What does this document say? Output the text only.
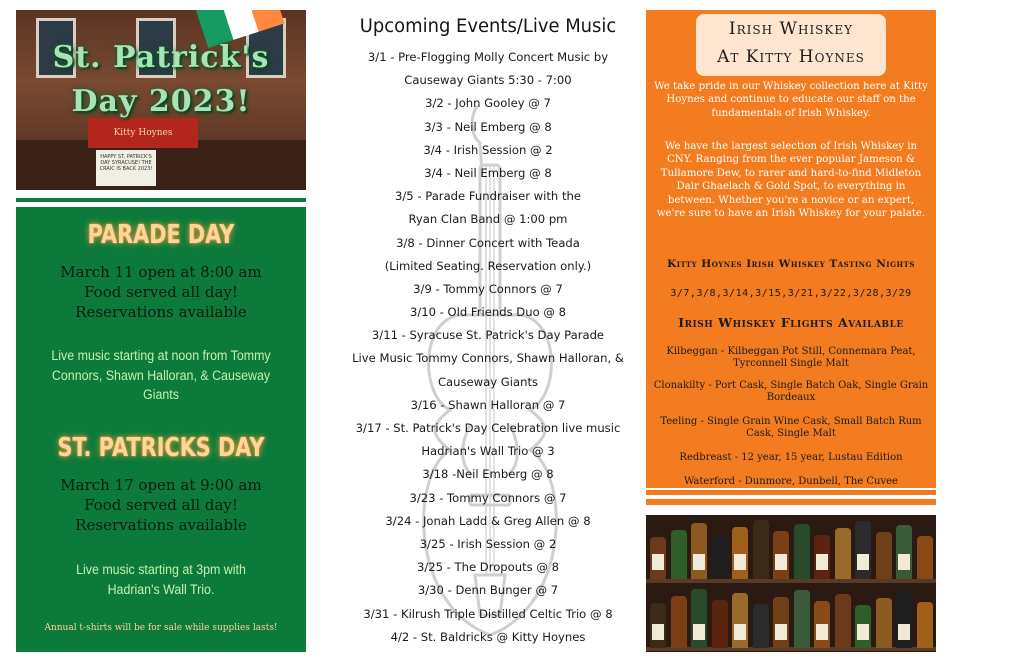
Kitty Hoynes
HAPPY ST. PATRICK'S DAY SYRACUSE! THE CRAIC IS BACK 2023!
St. Patrick's
Day 2023!
PARADE DAY
March 11 open at 8:00 am
Food served all day!
Reservations available
Live music starting at noon from Tommy
Connors, Shawn Halloran, & Causeway Giants
ST. PATRICKS DAY
March 17 open at 9:00 am
Food served all day!
Reservations available
Live music starting at 3pm with
Hadrian's Wall Trio.
Annual t-shirts will be for sale while supplies lasts!
Upcoming Events/Live Music
3/1 - Pre-Flogging Molly Concert Music by
Causeway Giants 5:30 - 7:00
3/2 - John Gooley @ 7
3/3 - Neil Emberg @ 8
3/4 - Irish Session @ 2
3/4 - Neil Emberg @ 8
3/5 - Parade Fundraiser with the
Ryan Clan Band @ 1:00 pm
3/8 - Dinner Concert with Teada
(Limited Seating. Reservation only.)
3/9 - Tommy Connors @ 7
3/10 - Old Friends Duo @ 8
3/11 - Syracuse St. Patrick's Day Parade
Live Music Tommy Connors, Shawn Halloran, &
Causeway Giants
3/16 - Shawn Halloran @ 7
3/17 - St. Patrick's Day Celebration live music
Hadrian's Wall Trio @ 3
3/18 -Neil Emberg @ 8
3/23 - Tommy Connors @ 7
3/24 - Jonah Ladd & Greg Allen @ 8
3/25 - Irish Session @ 2
3/25 - The Dropouts @ 8
3/30 - Denn Bunger @ 7
3/31 - Kilrush Triple Distilled Celtic Trio @ 8
4/2 - St. Baldricks @ Kitty Hoynes
Irish Whiskey
At Kitty Hoynes
We take pride in our Whiskey collection here at Kitty Hoynes and continue to educate our staff on the fundamentals of Irish Whiskey.
We have the largest selection of Irish Whiskey in CNY. Ranging from the ever popular Jameson & Tullamore Dew, to rarer and hard-to-find Midleton Dair Ghaelach & Gold Spot, to everything in between. Whether you're a novice or an expert, we're sure to have an Irish Whiskey for your palate.
Kitty Hoynes Irish Whiskey Tasting Nights
3/7,3/8,3/14,3/15,3/21,3/22,3/28,3/29
Irish Whiskey Flights Available
Kilbeggan - Kilbeggan Pot Still, Connemara Peat, Tyrconnell Single Malt
Clonakilty - Port Cask, Single Batch Oak, Single Grain Bordeaux
Teeling - Single Grain Wine Cask, Small Batch Rum Cask, Single Malt
Redbreast - 12 year, 15 year, Lustau Edition
Waterford - Dunmore, Dunbell, The Cuvee
